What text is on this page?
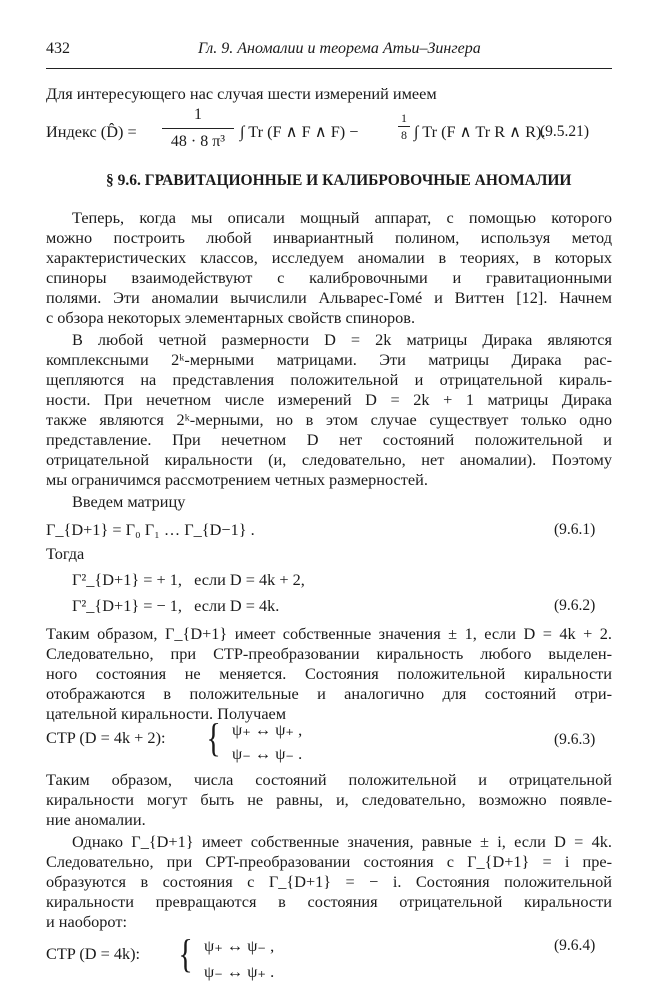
432	Гл. 9. Аномалии и теорема Атьи–Зингера
Для интересующего нас случая шести измерений имеем
Индекс (D̂) =
1
48 · 8 π³
∫ Tr (F ∧ F ∧ F) −
1
8 ∫ Tr (F ∧ Tr R ∧ R).
(9.5.21)
§ 9.6. ГРАВИТАЦИОННЫЕ И КАЛИБРОВОЧНЫЕ АНОМАЛИИ
Теперь, когда мы описали мощный аппарат, с помощью которого
можно построить любой инвариантный полином, используя метод
характеристических классов, исследуем аномалии в теориях, в которых
спиноры взаимодействуют с калибровочными и гравитационными
полями. Эти аномалии вычислили Альварес-Гомé и Виттен [12]. Начнем
с обзора некоторых элементарных свойств спиноров.
В любой четной размерности D = 2k матрицы Дирака являются
комплексными 2ᵏ-мерными матрицами. Эти матрицы Дирака рас-
щепляются на представления положительной и отрицательной кираль-
ности. При нечетном числе измерений D = 2k + 1 матрицы Дирака
также являются 2ᵏ-мерными, но в этом случае существует только одно
представление. При нечетном D нет состояний положительной и
отрицательной киральности (и, следовательно, нет аномалии). Поэтому
мы ограничимся рассмотрением четных размерностей.
Введем матрицу
Γ_{D+1} = Γ₀ Γ₁ … Γ_{D−1} .	(9.6.1)
Тогда
Γ²_{D+1} = + 1,   если D = 4k + 2,
Γ²_{D+1} = − 1,   если D = 4k.	(9.6.2)
Таким образом, Γ_{D+1} имеет собственные значения ± 1, если D = 4k + 2.
Следовательно, при CTP-преобразовании киральность любого выделен-
ного состояния не меняется. Состояния положительной киральности
отображаются в положительные и аналогично для состояний отри-
цательной киральности. Получаем
CTP (D = 4k + 2): { ψ₊ ↔ ψ₊ ,
ψ₋ ↔ ψ₋ .
(9.6.3)
Таким образом, числа состояний положительной и отрицательной
киральности могут быть не равны, и, следовательно, возможно появле-
ние аномалии.
Однако Γ_{D+1} имеет собственные значения, равные ± i, если D = 4k.
Следовательно, при CPT-преобразовании состояния с Γ_{D+1} = i пре-
образуются в состояния с Γ_{D+1} = − i. Состояния положительной
киральности превращаются в состояния отрицательной киральности
и наоборот:
CTP (D = 4k): { ψ₊ ↔ ψ₋ ,
ψ₋ ↔ ψ₊ .
(9.6.4)
